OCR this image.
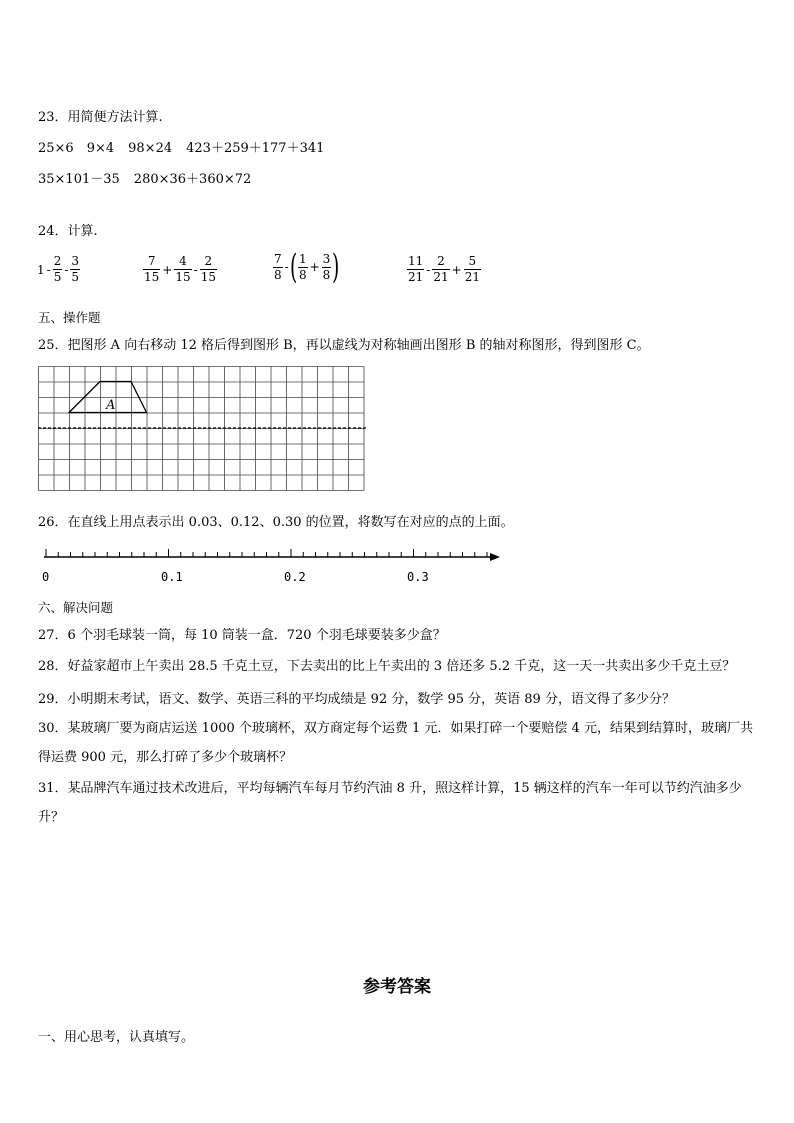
23．用简便方法计算.
25×6　9×4 98×24 423＋259＋177＋341
35×101－35 280×36＋360×72
24．计算.
$1 - \frac{2}{5} - \frac{3}{5}$	$\frac{7}{15} + \frac{4}{15} - \frac{2}{15}$	$\frac{7}{8}$ -( $\frac{1}{8} + \frac{3}{8}$ )	$\frac{11}{21} - \frac{2}{21} + \frac{5}{21}$
五、操作题
25．把图形 A 向右移动 12 格后得到图形 B，再以虚线为对称轴画出图形 B 的轴对称图形，得到图形 C。
A
26．在直线上用点表示出 0.03、0.12、0.30 的位置，将数写在对应的点的上面。
0	0.1	0.2	0.3
六、解决问题
27．6 个羽毛球装一筒，每 10 筒装一盒．720 个羽毛球要装多少盒？
28．好益家超市上午卖出 28.5 千克土豆，下去卖出的比上午卖出的 3 倍还多 5.2 千克，这一天一共卖出多少千克土豆？
29．小明期末考试，语文、数学、英语三科的平均成绩是 92 分，数学 95 分，英语 89 分，语文得了多少分？
30．某玻璃厂要为商店运送 1000 个玻璃杯，双方商定每个运费 1 元．如果打碎一个要赔偿 4 元，结果到结算时，玻璃厂共得运费 900 元，那么打碎了多少个玻璃杯？
31．某品牌汽车通过技术改进后，平均每辆汽车每月节约汽油 8 升，照这样计算，15 辆这样的汽车一年可以节约汽油多少升？
参考答案
一、用心思考，认真填写。
